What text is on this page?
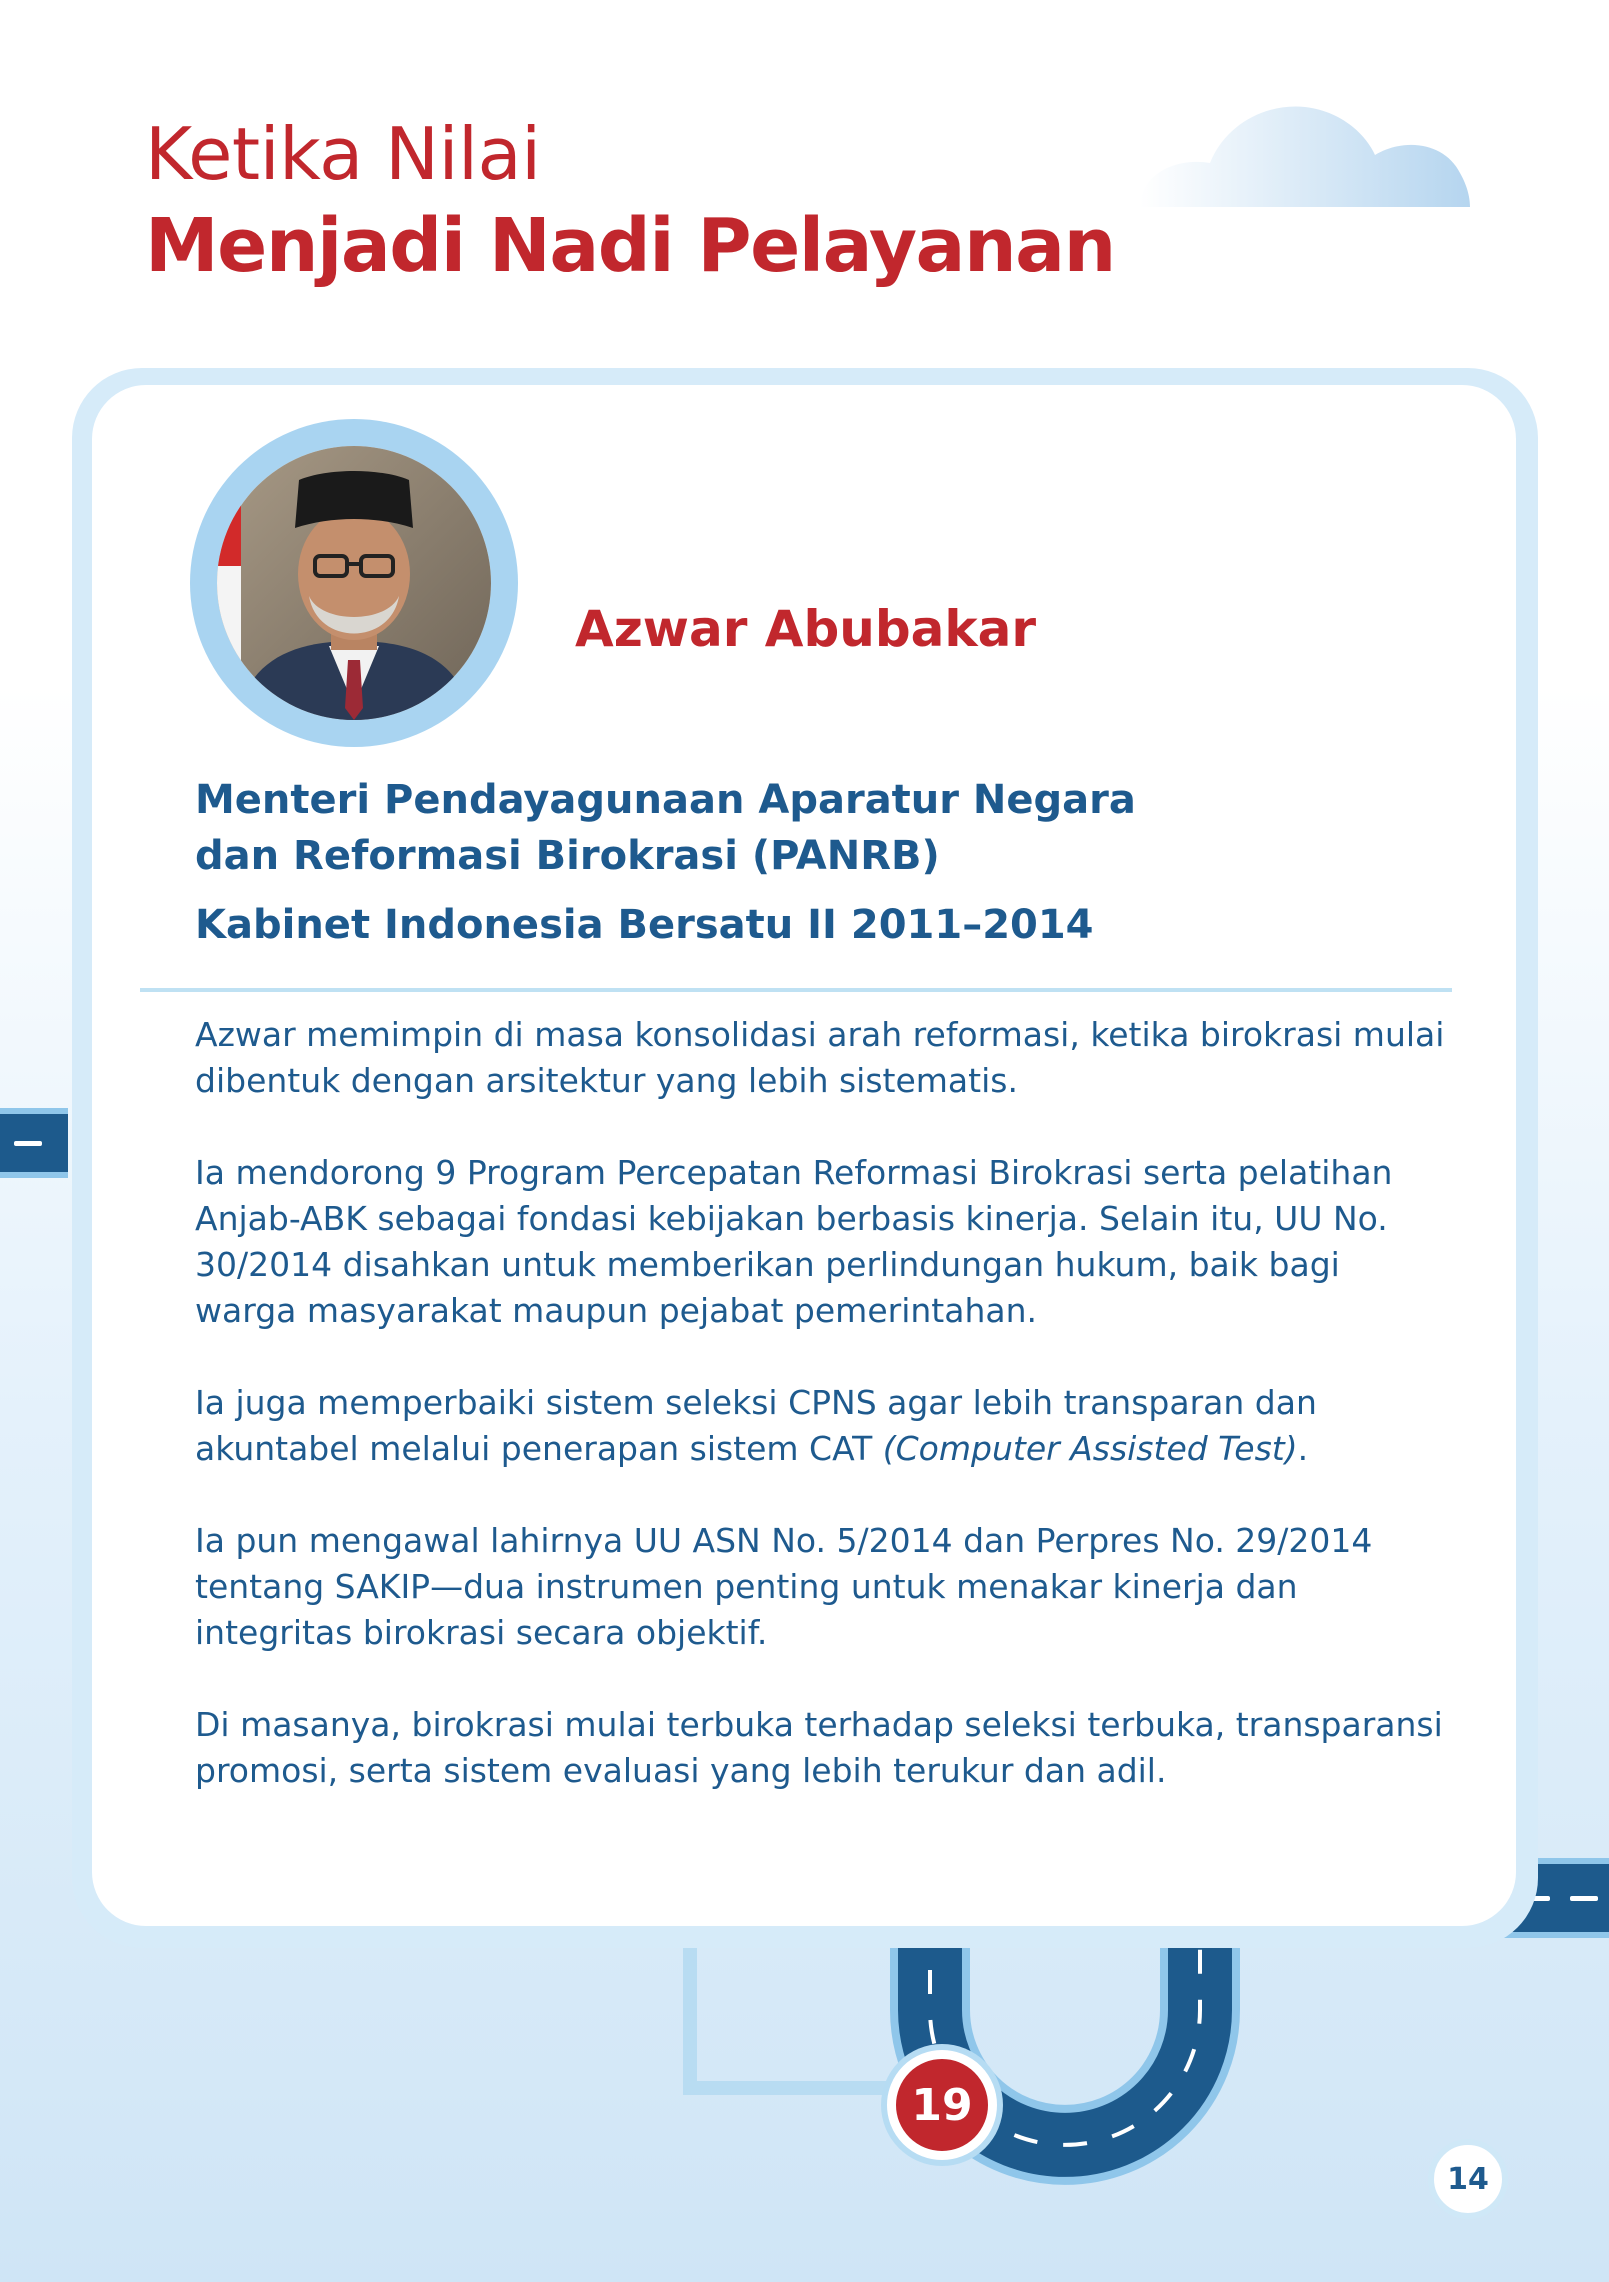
Ketika Nilai
Menjadi Nadi Pelayanan
Azwar Abubakar
Menteri Pendayagunaan Aparatur Negara
dan Reformasi Birokrasi (PANRB)
Kabinet Indonesia Bersatu II 2011–2014

Azwar memimpin di masa konsolidasi arah reformasi, ketika birokrasi mulai dibentuk dengan arsitektur yang lebih sistematis.

Ia mendorong 9 Program Percepatan Reformasi Birokrasi serta pelatihan Anjab-ABK sebagai fondasi kebijakan berbasis kinerja. Selain itu, UU No. 30/2014 disahkan untuk memberikan perlindungan hukum, baik bagi warga masyarakat maupun pejabat pemerintahan.

Ia juga memperbaiki sistem seleksi CPNS agar lebih transparan dan akuntabel melalui penerapan sistem CAT (Computer Assisted Test).

Ia pun mengawal lahirnya UU ASN No. 5/2014 dan Perpres No. 29/2014 tentang SAKIP—dua instrumen penting untuk menakar kinerja dan integritas birokrasi secara objektif.

Di masanya, birokrasi mulai terbuka terhadap seleksi terbuka, transparansi promosi, serta sistem evaluasi yang lebih terukur dan adil.

19
14
